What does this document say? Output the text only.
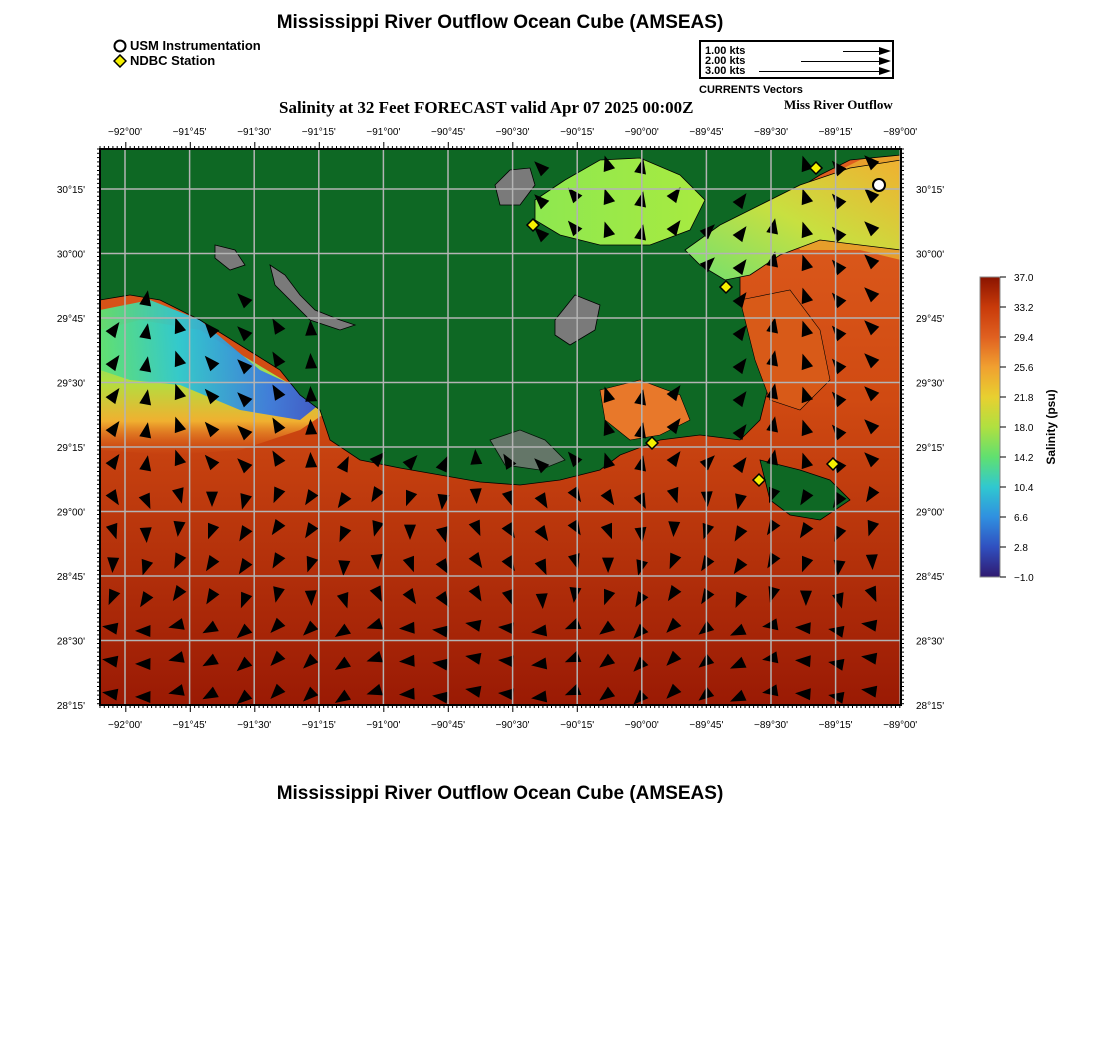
Mississippi River Outflow Ocean Cube (AMSEAS)
USM Instrumentation
NDBC Station
1.00 kts
2.00 kts
3.00 kts
CURRENTS Vectors
Salinity at 32 Feet FORECAST valid Apr 07 2025 00:00Z	Miss River Outflow
−92°00'	−91°45'	−91°30'	−91°15'	−91°00'	−90°45'	−90°30'	−90°15'	−90°00'	−89°45'	−89°30'	−89°15'	−89°00'
−92°00'	−91°45'	−91°30'	−91°15'	−91°00'	−90°45'	−90°30'	−90°15'	−90°00'	−89°45'	−89°30'	−89°15'	−89°00'
30°15'
30°00'
29°45'
29°30'
29°15'
29°00'
28°45'
28°30'
28°15'
30°15'
30°00'
29°45'
29°30'
29°15'
29°00'
28°45'
28°30'
28°15'
37.0
33.2
29.4
25.6
21.8
18.0
14.2
10.4
6.6
2.8
−1.0
Salinity (psu)
Mississippi River Outflow Ocean Cube (AMSEAS)
